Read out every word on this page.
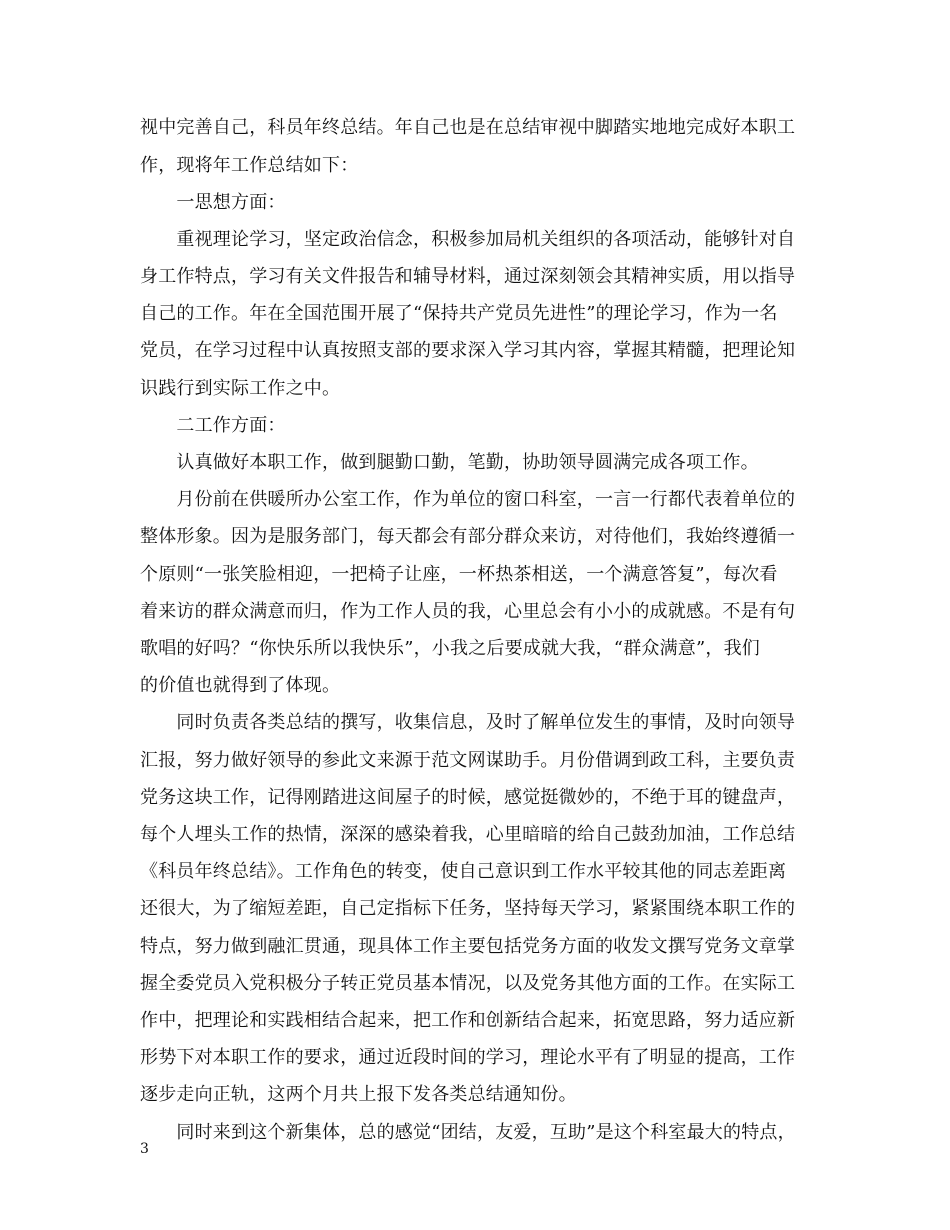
视中完善自己，科员年终总结。年自己也是在总结审视中脚踏实地地完成好本职工
作，现将年工作总结如下：
　　一思想方面：
　　重视理论学习，坚定政治信念，积极参加局机关组织的各项活动，能够针对自
身工作特点，学习有关文件报告和辅导材料，通过深刻领会其精神实质，用以指导
自己的工作。年在全国范围开展了“保持共产党员先进性”的理论学习，作为一名
党员，在学习过程中认真按照支部的要求深入学习其内容，掌握其精髓，把理论知
识践行到实际工作之中。
　　二工作方面：
　　认真做好本职工作，做到腿勤口勤，笔勤，协助领导圆满完成各项工作。
　　月份前在供暖所办公室工作，作为单位的窗口科室，一言一行都代表着单位的
整体形象。因为是服务部门，每天都会有部分群众来访，对待他们，我始终遵循一
个原则“一张笑脸相迎，一把椅子让座，一杯热茶相送，一个满意答复”，每次看
着来访的群众满意而归，作为工作人员的我，心里总会有小小的成就感。不是有句
歌唱的好吗？“你快乐所以我快乐”，小我之后要成就大我，“群众满意”，我们
的价值也就得到了体现。
　　同时负责各类总结的撰写，收集信息，及时了解单位发生的事情，及时向领导
汇报，努力做好领导的参此文来源于范文网谋助手。月份借调到政工科，主要负责
党务这块工作，记得刚踏进这间屋子的时候，感觉挺微妙的，不绝于耳的键盘声，
每个人埋头工作的热情，深深的感染着我，心里暗暗的给自己鼓劲加油，工作总结
《科员年终总结》。工作角色的转变，使自己意识到工作水平较其他的同志差距离
还很大，为了缩短差距，自己定指标下任务，坚持每天学习，紧紧围绕本职工作的
特点，努力做到融汇贯通，现具体工作主要包括党务方面的收发文撰写党务文章掌
握全委党员入党积极分子转正党员基本情况，以及党务其他方面的工作。在实际工
作中，把理论和实践相结合起来，把工作和创新结合起来，拓宽思路，努力适应新
形势下对本职工作的要求，通过近段时间的学习，理论水平有了明显的提高，工作
逐步走向正轨，这两个月共上报下发各类总结通知份。
　　同时来到这个新集体，总的感觉“团结，友爱，互助”是这个科室最大的特点，
3
